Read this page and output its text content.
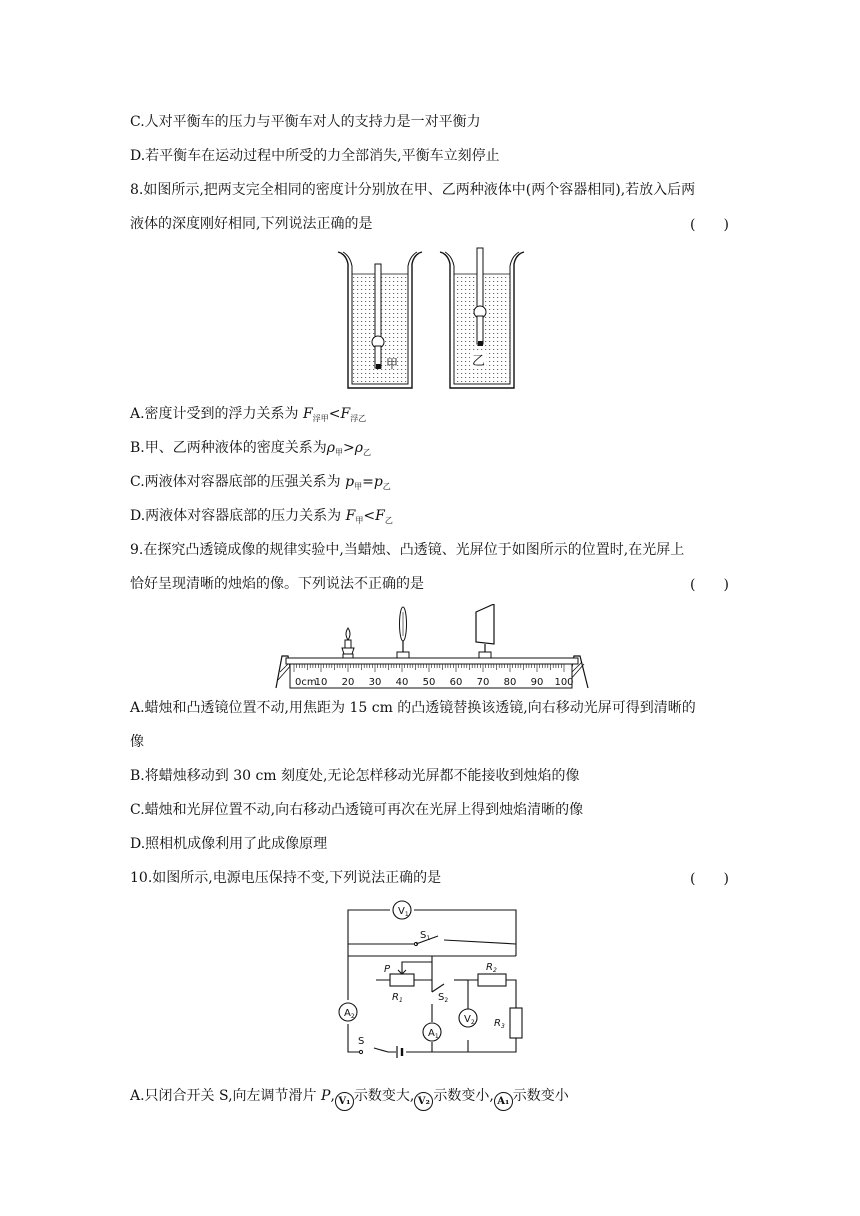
C.人对平衡车的压力与平衡车对人的支持力是一对平衡力
D.若平衡车在运动过程中所受的力全部消失,平衡车立刻停止
8.如图所示,把两支完全相同的密度计分别放在甲、乙两种液体中(两个容器相同),若放入后两
液体的深度刚好相同,下列说法正确的是	(　　)
甲	乙
A.密度计受到的浮力关系为 $F_{浮甲}<F_{浮乙}$
B.甲、乙两种液体的密度关系为$\rho_甲>\rho_乙$
C.两液体对容器底部的压强关系为 $p_甲=p_乙$
D.两液体对容器底部的压力关系为 $F_甲<F_乙$
9.在探究凸透镜成像的规律实验中,当蜡烛、凸透镜、光屏位于如图所示的位置时,在光屏上
恰好呈现清晰的烛焰的像。下列说法不正确的是	(　　)
0cm
10 20 30 40 50 60 70 80 90 100
A.蜡烛和凸透镜位置不动,用焦距为 15 cm 的凸透镜替换该透镜,向右移动光屏可得到清晰的
像
B.将蜡烛移动到 30 cm 刻度处,无论怎样移动光屏都不能接收到烛焰的像
C.蜡烛和光屏位置不动,向右移动凸透镜可再次在光屏上得到烛焰清晰的像
D.照相机成像利用了此成像原理
10.如图所示,电源电压保持不变,下列说法正确的是	(　　)
$V_1$
$S_1$
P
$R_1$	$S_2$
$A_1$
$A_2$	$V_2$
$R_2$
$R_3$
S
A.只闭合开关 S,向左调节滑片 P, V₁ 示数变大, V₂ 示数变小, A₁ 示数变小
